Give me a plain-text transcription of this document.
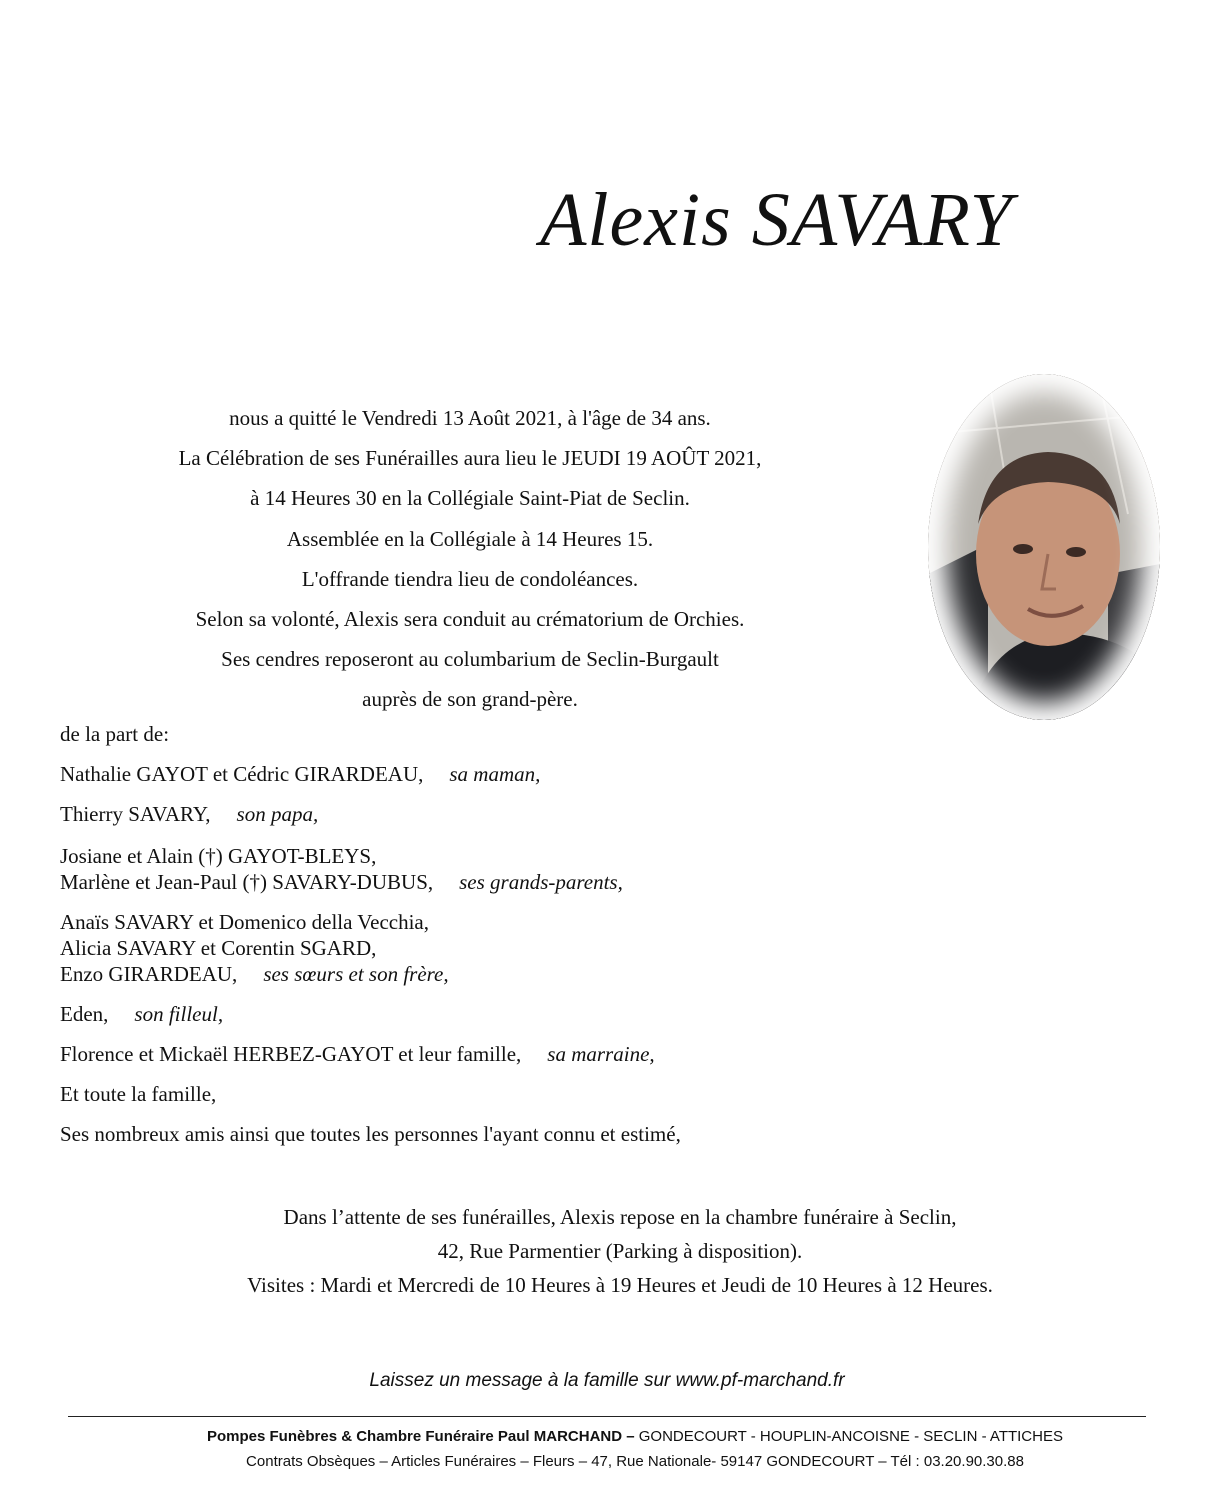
Alexis SAVARY
nous a quitté le Vendredi 13 Août 2021, à l'âge de 34 ans.
La Célébration de ses Funérailles aura lieu le JEUDI 19 AOÛT 2021,
à 14 Heures 30 en la Collégiale Saint-Piat de Seclin.
Assemblée en la Collégiale à 14 Heures 15.
L'offrande tiendra lieu de condoléances.
Selon sa volonté, Alexis sera conduit au crématorium de Orchies.
Ses cendres reposeront au columbarium de Seclin-Burgault
auprès de son grand-père.
de la part de:
Nathalie GAYOT et Cédric GIRARDEAU, sa maman,
Thierry SAVARY, son papa,
Josiane et Alain (†) GAYOT-BLEYS,
Marlène et Jean-Paul (†) SAVARY-DUBUS, ses grands-parents,
Anaïs SAVARY et Domenico della Vecchia,
Alicia SAVARY et Corentin SGARD,
Enzo GIRARDEAU, ses sœurs et son frère,
Eden, son filleul,
Florence et Mickaël HERBEZ-GAYOT et leur famille, sa marraine,
Et toute la famille,
Ses nombreux amis ainsi que toutes les personnes l'ayant connu et estimé,
Dans l’attente de ses funérailles, Alexis repose en la chambre funéraire à Seclin,
42, Rue Parmentier (Parking à disposition).
Visites : Mardi et Mercredi de 10 Heures à 19 Heures et Jeudi de 10 Heures à 12 Heures.
Laissez un message à la famille sur www.pf-marchand.fr
Pompes Funèbres & Chambre Funéraire Paul MARCHAND – GONDECOURT - HOUPLIN-ANCOISNE - SECLIN - ATTICHES
Contrats Obsèques – Articles Funéraires – Fleurs – 47, Rue Nationale- 59147 GONDECOURT – Tél : 03.20.90.30.88
